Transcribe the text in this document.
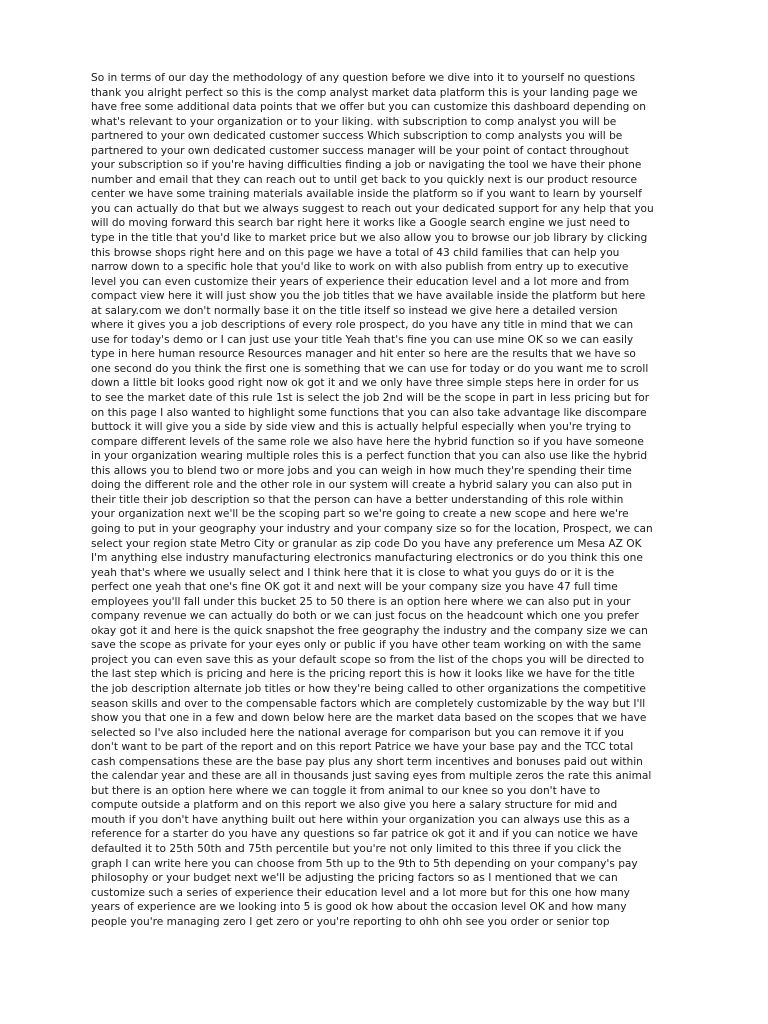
So in terms of our day the methodology of any question before we dive into it to yourself no questions
thank you alright perfect so this is the comp analyst market data platform this is your landing page we
have free some additional data points that we offer but you can customize this dashboard depending on
what's relevant to your organization or to your liking. with subscription to comp analyst you will be
partnered to your own dedicated customer success Which subscription to comp analysts you will be
partnered to your own dedicated customer success manager will be your point of contact throughout
your subscription so if you're having difficulties finding a job or navigating the tool we have their phone
number and email that they can reach out to until get back to you quickly next is our product resource
center we have some training materials available inside the platform so if you want to learn by yourself
you can actually do that but we always suggest to reach out your dedicated support for any help that you
will do moving forward this search bar right here it works like a Google search engine we just need to
type in the title that you'd like to market price but we also allow you to browse our job library by clicking
this browse shops right here and on this page we have a total of 43 child families that can help you
narrow down to a specific hole that you'd like to work on with also publish from entry up to executive
level you can even customize their years of experience their education level and a lot more and from
compact view here it will just show you the job titles that we have available inside the platform but here
at salary.com we don't normally base it on the title itself so instead we give here a detailed version
where it gives you a job descriptions of every role prospect, do you have any title in mind that we can
use for today's demo or I can just use your title Yeah that's fine you can use mine OK so we can easily
type in here human resource Resources manager and hit enter so here are the results that we have so
one second do you think the first one is something that we can use for today or do you want me to scroll
down a little bit looks good right now ok got it and we only have three simple steps here in order for us
to see the market date of this rule 1st is select the job 2nd will be the scope in part in less pricing but for
on this page I also wanted to highlight some functions that you can also take advantage like discompare
buttock it will give you a side by side view and this is actually helpful especially when you're trying to
compare different levels of the same role we also have here the hybrid function so if you have someone
in your organization wearing multiple roles this is a perfect function that you can also use like the hybrid
this allows you to blend two or more jobs and you can weigh in how much they're spending their time
doing the different role and the other role in our system will create a hybrid salary you can also put in
their title their job description so that the person can have a better understanding of this role within
your organization next we'll be the scoping part so we're going to create a new scope and here we're
going to put in your geography your industry and your company size so for the location, Prospect, we can
select your region state Metro City or granular as zip code Do you have any preference um Mesa AZ OK
I'm anything else industry manufacturing electronics manufacturing electronics or do you think this one
yeah that's where we usually select and I think here that it is close to what you guys do or it is the
perfect one yeah that one's fine OK got it and next will be your company size you have 47 full time
employees you'll fall under this bucket 25 to 50 there is an option here where we can also put in your
company revenue we can actually do both or we can just focus on the headcount which one you prefer
okay got it and here is the quick snapshot the free geography the industry and the company size we can
save the scope as private for your eyes only or public if you have other team working on with the same
project you can even save this as your default scope so from the list of the chops you will be directed to
the last step which is pricing and here is the pricing report this is how it looks like we have for the title
the job description alternate job titles or how they're being called to other organizations the competitive
season skills and over to the compensable factors which are completely customizable by the way but I'll
show you that one in a few and down below here are the market data based on the scopes that we have
selected so I've also included here the national average for comparison but you can remove it if you
don't want to be part of the report and on this report Patrice we have your base pay and the TCC total
cash compensations these are the base pay plus any short term incentives and bonuses paid out within
the calendar year and these are all in thousands just saving eyes from multiple zeros the rate this animal
but there is an option here where we can toggle it from animal to our knee so you don't have to
compute outside a platform and on this report we also give you here a salary structure for mid and
mouth if you don't have anything built out here within your organization you can always use this as a
reference for a starter do you have any questions so far patrice ok got it and if you can notice we have
defaulted it to 25th 50th and 75th percentile but you're not only limited to this three if you click the
graph I can write here you can choose from 5th up to the 9th to 5th depending on your company's pay
philosophy or your budget next we'll be adjusting the pricing factors so as I mentioned that we can
customize such a series of experience their education level and a lot more but for this one how many
years of experience are we looking into 5 is good ok how about the occasion level OK and how many
people you're managing zero I get zero or you're reporting to ohh ohh see you order or senior top
